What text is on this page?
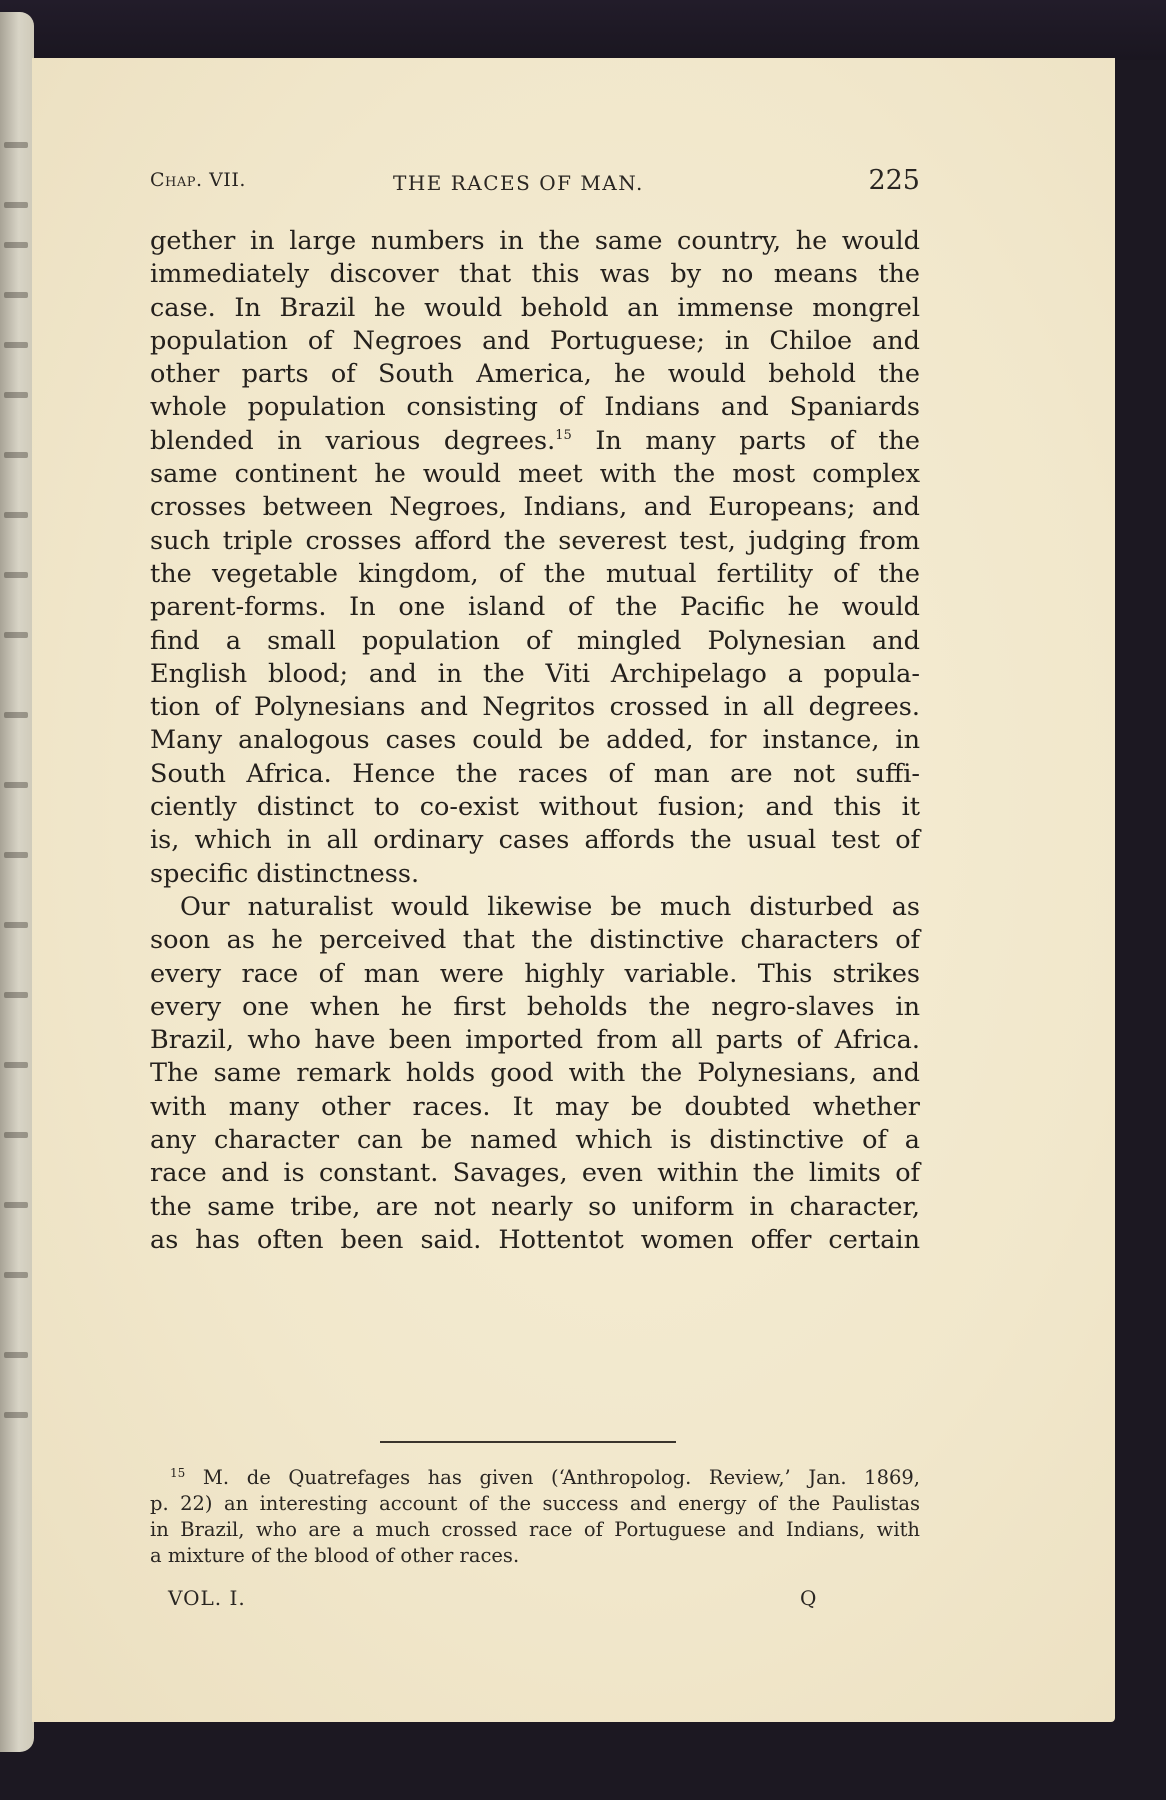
Chap. VII.	THE RACES OF MAN.	225
gether in large numbers in the same country, he would
immediately discover that this was by no means the
case. In Brazil he would behold an immense mongrel
population of Negroes and Portuguese; in Chiloe and
other parts of South America, he would behold the
whole population consisting of Indians and Spaniards
blended in various degrees.$^{15}$ In many parts of the
same continent he would meet with the most complex
crosses between Negroes, Indians, and Europeans; and
such triple crosses afford the severest test, judging from
the vegetable kingdom, of the mutual fertility of the
parent-forms. In one island of the Pacific he would
find a small population of mingled Polynesian and
English blood; and in the Viti Archipelago a popula-
tion of Polynesians and Negritos crossed in all degrees.
Many analogous cases could be added, for instance, in
South Africa. Hence the races of man are not suffi-
ciently distinct to co-exist without fusion; and this it
is, which in all ordinary cases affords the usual test of
specific distinctness.
Our naturalist would likewise be much disturbed as
soon as he perceived that the distinctive characters of
every race of man were highly variable. This strikes
every one when he first beholds the negro-slaves in
Brazil, who have been imported from all parts of Africa.
The same remark holds good with the Polynesians, and
with many other races. It may be doubted whether
any character can be named which is distinctive of a
race and is constant. Savages, even within the limits of
the same tribe, are not nearly so uniform in character,
as has often been said. Hottentot women offer certain
$^{15}$ M. de Quatrefages has given (‘Anthropolog. Review,’ Jan. 1869,
p. 22) an interesting account of the success and energy of the Paulistas
in Brazil, who are a much crossed race of Portuguese and Indians, with
a mixture of the blood of other races.
VOL. I.	Q
